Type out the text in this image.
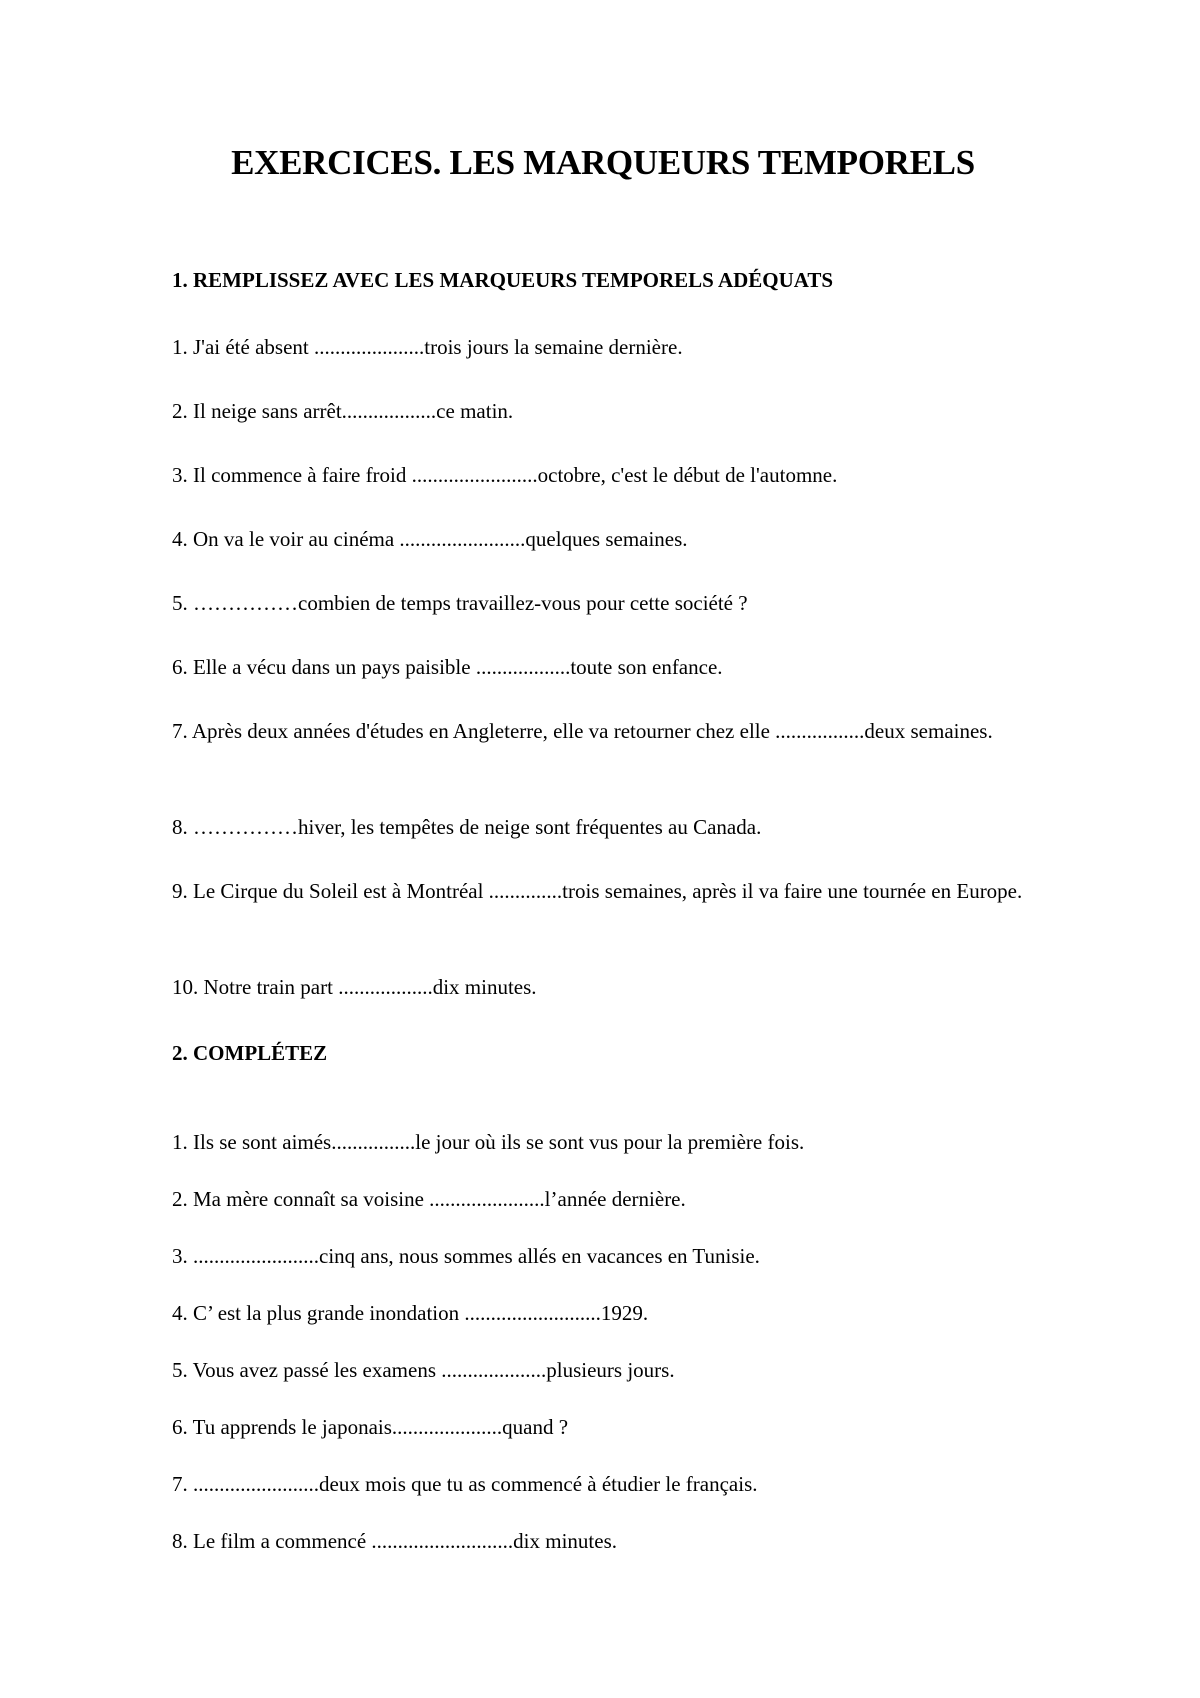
EXERCICES. LES MARQUEURS TEMPORELS
1. REMPLISSEZ AVEC LES MARQUEURS TEMPORELS ADÉQUATS

1. J'ai été absent .....................trois jours la semaine dernière.

2. Il neige sans arrêt..................ce matin.

3. Il commence à faire froid ........................octobre, c'est le début de l'automne.

4. On va le voir au cinéma ........................quelques semaines.

5. ……………combien de temps travaillez-vous pour cette société ?

6. Elle a vécu dans un pays paisible ..................toute son enfance.

7. Après deux années d'études en Angleterre, elle va retourner chez elle .................deux semaines.

8. ……………hiver, les tempêtes de neige sont fréquentes au Canada.

9. Le Cirque du Soleil est à Montréal ..............trois semaines, après il va faire une tournée en Europe.

10. Notre train part ..................dix minutes.

2. COMPLÉTEZ

1. Ils se sont aimés................le jour où ils se sont vus pour la première fois.

2. Ma mère connaît sa voisine ......................l’année dernière.

3. ........................cinq ans, nous sommes allés en vacances en Tunisie.

4. C’ est la plus grande inondation ..........................1929.

5. Vous avez passé les examens ....................plusieurs jours.

6. Tu apprends le japonais.....................quand ?

7. ........................deux mois que tu as commencé à étudier le français.

8. Le film a commencé ...........................dix minutes.
